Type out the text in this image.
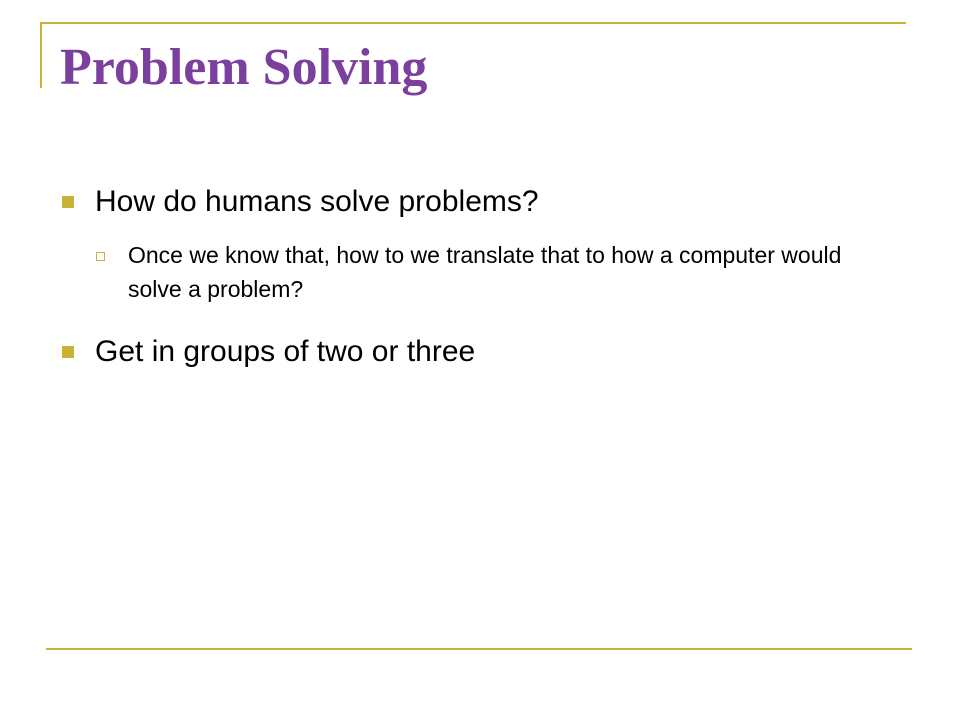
Problem Solving
How do humans solve problems?
Once we know that, how to we translate that to how a computer would solve a problem?
Get in groups of two or three
